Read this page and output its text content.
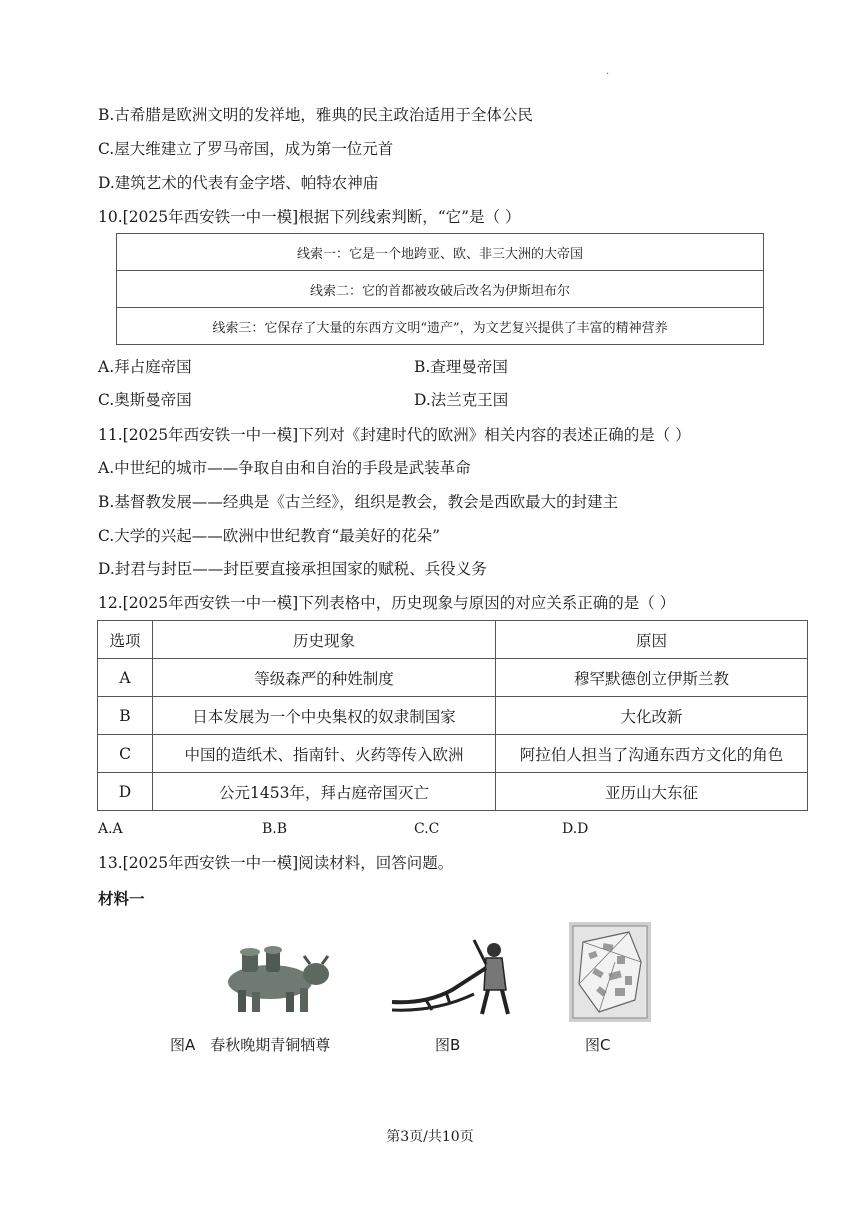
.
B.古希腊是欧洲文明的发祥地，雅典的民主政治适用于全体公民
C.屋大维建立了罗马帝国，成为第一位元首
D.建筑艺术的代表有金字塔、帕特农神庙
10.[2025年西安铁一中一模]根据下列线索判断，“它”是（ ）
线索一：它是一个地跨亚、欧、非三大洲的大帝国
线索二：它的首都被攻破后改名为伊斯坦布尔
线索三：它保存了大量的东西方文明“遗产”，为文艺复兴提供了丰富的精神营养
A.拜占庭帝国	B.查理曼帝国
C.奥斯曼帝国	D.法兰克王国
11.[2025年西安铁一中一模]下列对《封建时代的欧洲》相关内容的表述正确的是（ ）
A.中世纪的城市——争取自由和自治的手段是武装革命
B.基督教发展——经典是《古兰经》，组织是教会，教会是西欧最大的封建主
C.大学的兴起——欧洲中世纪教育“最美好的花朵”
D.封君与封臣——封臣要直接承担国家的赋税、兵役义务
12.[2025年西安铁一中一模]下列表格中，历史现象与原因的对应关系正确的是（ ）
选项	历史现象	原因
A	等级森严的种姓制度	穆罕默德创立伊斯兰教
B	日本发展为一个中央集权的奴隶制国家	大化改新
C	中国的造纸术、指南针、火药等传入欧洲	阿拉伯人担当了沟通东西方文化的角色
D	公元1453年，拜占庭帝国灭亡	亚历山大东征
A.A	B.B	C.C	D.D
13.[2025年西安铁一中一模]阅读材料，回答问题。
材料一
图A　春秋晚期青铜牺尊	图B	图C
第3页/共10页
